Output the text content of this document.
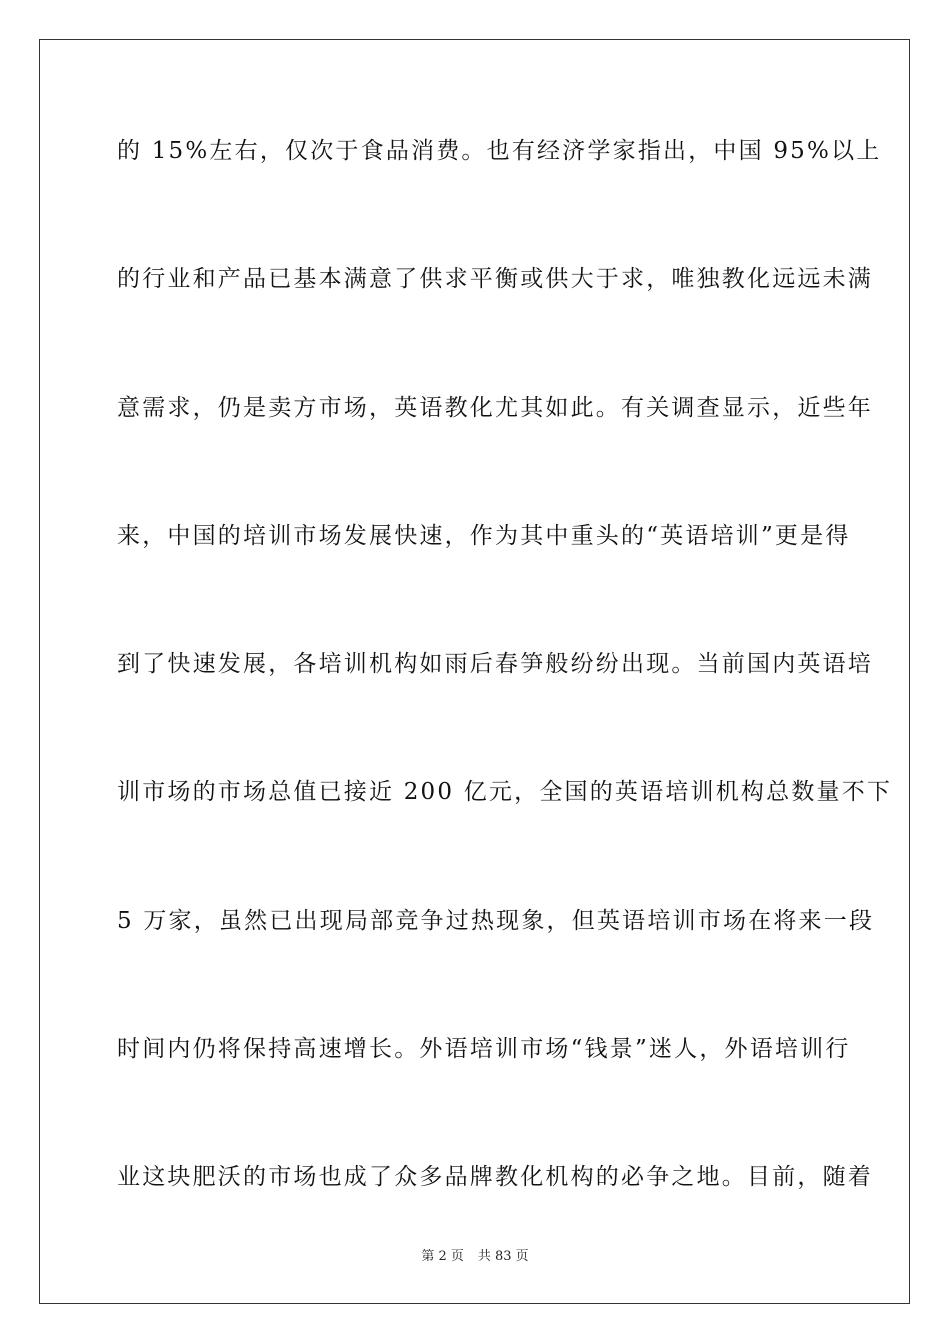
的 15%左右，仅次于食品消费。也有经济学家指出，中国 95%以上
的行业和产品已基本满意了供求平衡或供大于求，唯独教化远远未满
意需求，仍是卖方市场，英语教化尤其如此。有关调查显示，近些年
来，中国的培训市场发展快速，作为其中重头的“英语培训”更是得
到了快速发展，各培训机构如雨后春笋般纷纷出现。当前国内英语培
训市场的市场总值已接近 200 亿元，全国的英语培训机构总数量不下
5 万家，虽然已出现局部竞争过热现象，但英语培训市场在将来一段
时间内仍将保持高速增长。外语培训市场“钱景”迷人，外语培训行
业这块肥沃的市场也成了众多品牌教化机构的必争之地。目前，随着
第 2 页 共 83 页
